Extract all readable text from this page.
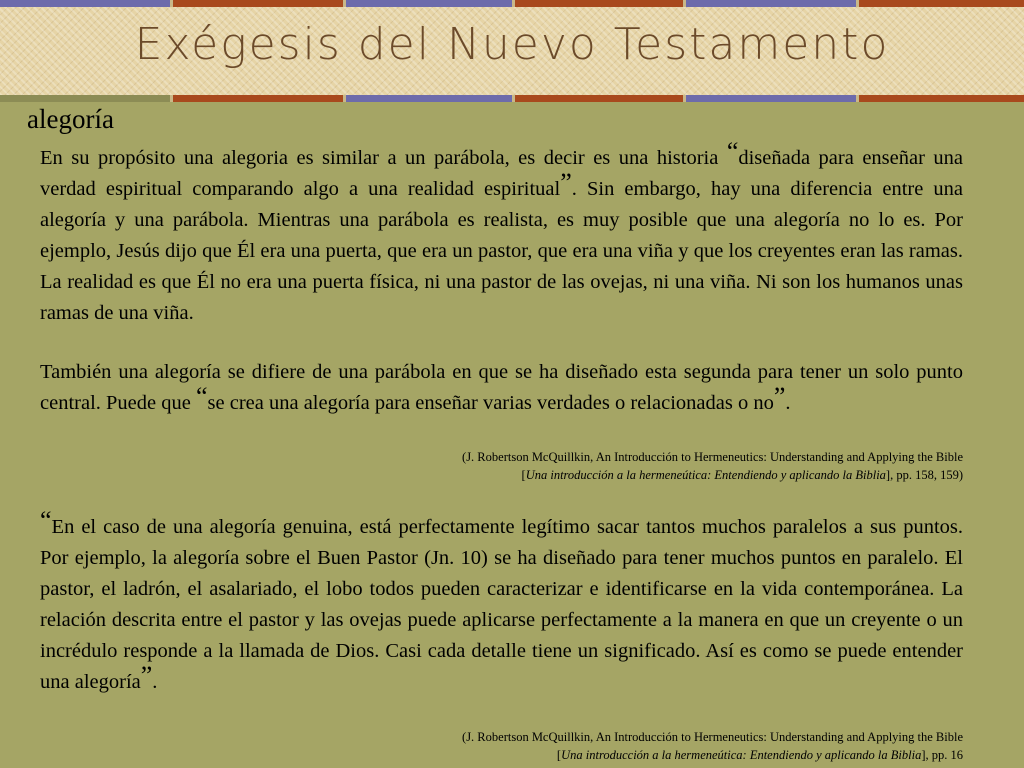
Exégesis del Nuevo Testamento
alegoría

En su propósito una alegoria es similar a un parábola, es decir es una historia “diseñada para enseñar una verdad espiritual comparando algo a una realidad espiritual”. Sin embargo, hay una diferencia entre una alegoría y una parábola. Mientras una parábola es realista, es muy posible que una alegoría no lo es. Por ejemplo, Jesús dijo que Él era una puerta, que era un pastor, que era una viña y que los creyentes eran las ramas. La realidad es que Él no era una puerta física, ni una pastor de las ovejas, ni una viña. Ni son los humanos unas ramas de una viña.

También una alegoría se difiere de una parábola en que se ha diseñado esta segunda para tener un solo punto central. Puede que “se crea una alegoría para enseñar varias verdades o relacionadas o no”.

(J. Robertson McQuillkin, An Introducción to Hermeneutics: Understanding and Applying the Bible
[Una introducción a la hermeneútica: Entendiendo y aplicando la Biblia], pp. 158, 159)

“En el caso de una alegoría genuina, está perfectamente legítimo sacar tantos muchos paralelos a sus puntos. Por ejemplo, la alegoría sobre el Buen Pastor (Jn. 10) se ha diseñado para tener muchos puntos en paralelo. El pastor, el ladrón, el asalariado, el lobo todos pueden caracterizar e identificarse en la vida contemporánea. La relación descrita entre el pastor y las ovejas puede aplicarse perfectamente a la manera en que un creyente o un incrédulo responde a la llamada de Dios. Casi cada detalle tiene un significado. Así es como se puede entender una alegoría”.

(J. Robertson McQuillkin, An Introducción to Hermeneutics: Understanding and Applying the Bible
[Una introducción a la hermeneútica: Entendiendo y aplicando la Biblia], pp. 16
